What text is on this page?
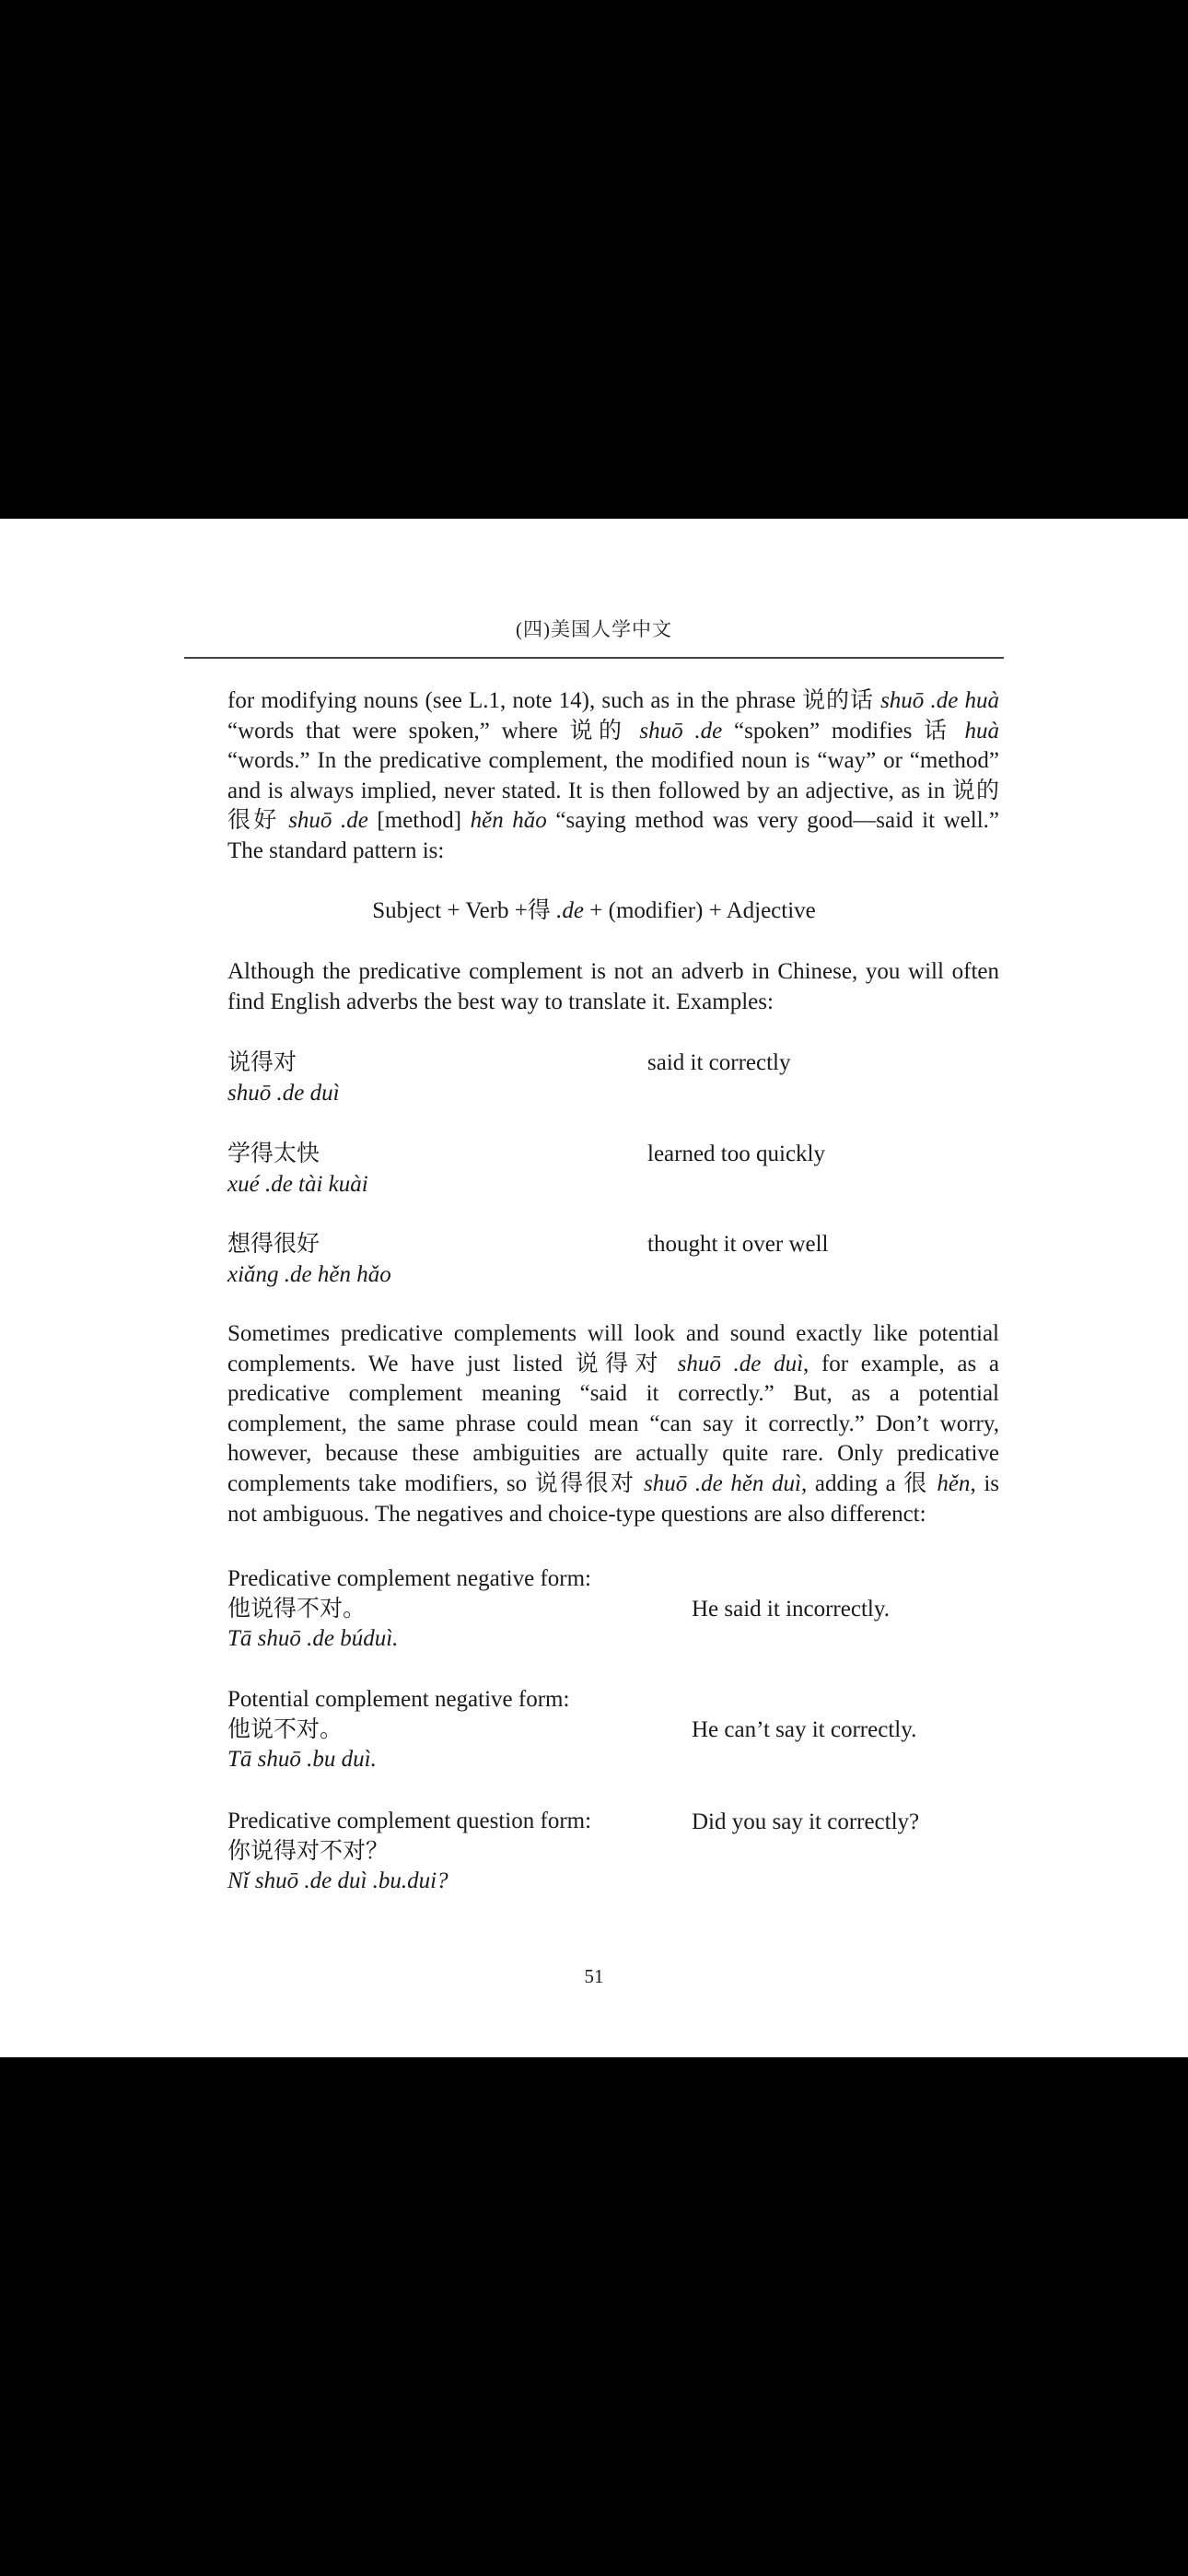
(四)美国人学中文
for modifying nouns (see L.1, note 14), such as in the phrase 说的话 shuō .de huà
“words that were spoken,” where 说的 shuō .de “spoken” modifies 话 huà
“words.” In the predicative complement, the modified noun is “way” or “method”
and is always implied, never stated. It is then followed by an adjective, as in 说的
很好 shuō .de [method] hěn hǎo “saying method was very good—said it well.”
The standard pattern is:
Subject + Verb +得 .de + (modifier) + Adjective
Although the predicative complement is not an adverb in Chinese, you will often
find English adverbs the best way to translate it. Examples:
说得对
shuō .de duì
said it correctly
学得太快
xué .de tài kuài
learned too quickly
想得很好
xiǎng .de hěn hǎo
thought it over well
Sometimes predicative complements will look and sound exactly like potential
complements. We have just listed 说得对 shuō .de duì, for example, as a
predicative complement meaning “said it correctly.” But, as a potential
complement, the same phrase could mean “can say it correctly.” Don’t worry,
however, because these ambiguities are actually quite rare. Only predicative
complements take modifiers, so 说得很对 shuō .de hěn duì, adding a 很 hěn, is
not ambiguous. The negatives and choice-type questions are also differenct:
Predicative complement negative form:
他说得不对。
Tā shuō .de búduì.
He said it incorrectly.
Potential complement negative form:
他说不对。
Tā shuō .bu duì.
He can’t say it correctly.
Predicative complement question form:
你说得对不对？
Nǐ shuō .de duì .bu.dui?
Did you say it correctly?
51
